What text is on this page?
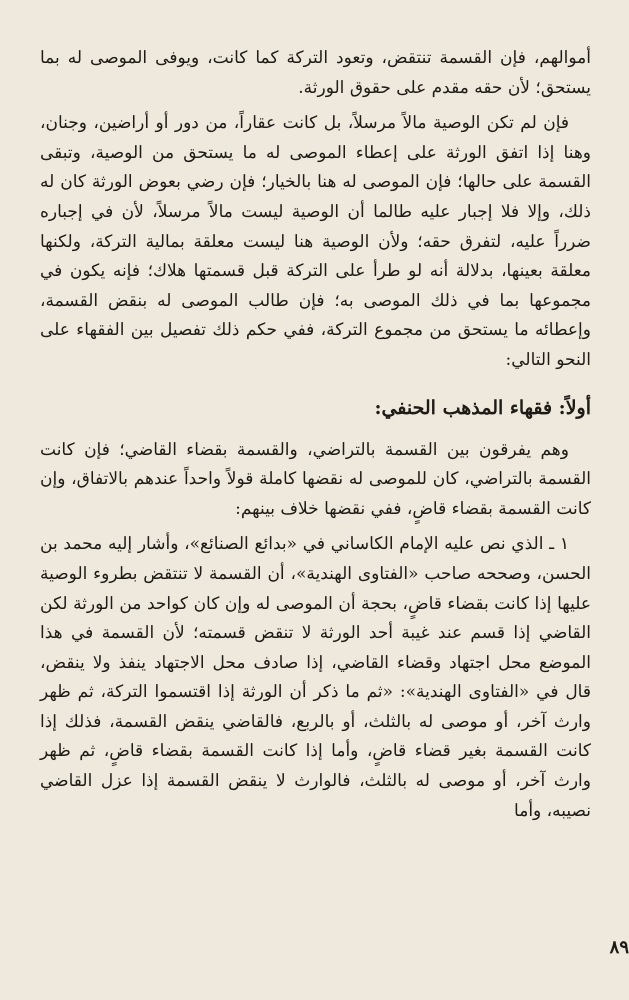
أموالهم، فإن القسمة تنتقض، وتعود التركة كما كانت، ويوفى الموصى له بما يستحق؛ لأن حقه مقدم على حقوق الورثة.

فإن لم تكن الوصية مالاً مرسلاً، بل كانت عقاراً، من دور أو أراضين، وجنان، وهنا إذا اتفق الورثة على إعطاء الموصى له ما يستحق من الوصية، وتبقى القسمة على حالها؛ فإن الموصى له هنا بالخيار؛ فإن رضي بعوض الورثة كان له ذلك، وإلا فلا إجبار عليه طالما أن الوصية ليست مالاً مرسلاً، لأن في إجباره ضرراً عليه، لتفرق حقه؛ ولأن الوصية هنا ليست معلقة بمالية التركة، ولكنها معلقة بعينها، بدلالة أنه لو طرأ على التركة قبل قسمتها هلاك؛ فإنه يكون في مجموعها بما في ذلك الموصى به؛ فإن طالب الموصى له بنقض القسمة، وإعطائه ما يستحق من مجموع التركة، ففي حكم ذلك تفصيل بين الفقهاء على النحو التالي:

أولاً: فقهاء المذهب الحنفي:

وهم يفرقون بين القسمة بالتراضي، والقسمة بقضاء القاضي؛ فإن كانت القسمة بالتراضي، كان للموصى له نقضها كاملة قولاً واحداً عندهم بالاتفاق، وإن كانت القسمة بقضاء قاضٍ، ففي نقضها خلاف بينهم:

١ ـ الذي نص عليه الإمام الكاساني في «بدائع الصنائع»، وأشار إليه محمد بن الحسن، وصححه صاحب «الفتاوى الهندية»، أن القسمة لا تنتقض بطروء الوصية عليها إذا كانت بقضاء قاضٍ، بحجة أن الموصى له وإن كان كواحد من الورثة لكن القاضي إذا قسم عند غيبة أحد الورثة لا تنقض قسمته؛ لأن القسمة في هذا الموضع محل اجتهاد وقضاء القاضي، إذا صادف محل الاجتهاد ينفذ ولا ينقض، قال في «الفتاوى الهندية»: «ثم ما ذكر أن الورثة إذا اقتسموا التركة، ثم ظهر وارث آخر، أو موصى له بالثلث، أو بالربع، فالقاضي ينقض القسمة، فذلك إذا كانت القسمة بغير قضاء قاضٍ، وأما إذا كانت القسمة بقضاء قاضٍ، ثم ظهر وارث آخر، أو موصى له بالثلث، فالوارث لا ينقض القسمة إذا عزل القاضي نصيبه، وأما

٨٩
